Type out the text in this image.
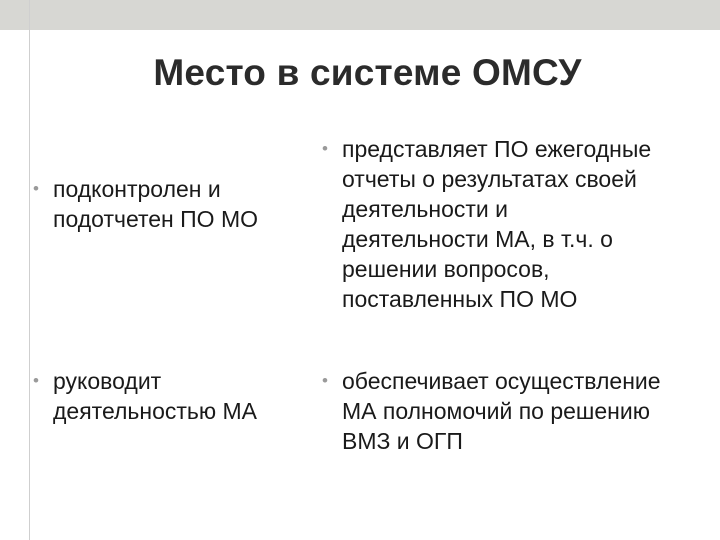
Место в системе ОМСУ
• подконтролен и
подотчетен ПО МО
• руководит
деятельностью МА
• представляет ПО ежегодные
отчеты о результатах своей
деятельности и
деятельности МА, в т.ч. о
решении вопросов,
поставленных ПО МО
• обеспечивает осуществление
МА полномочий по решению
ВМЗ и ОГП
